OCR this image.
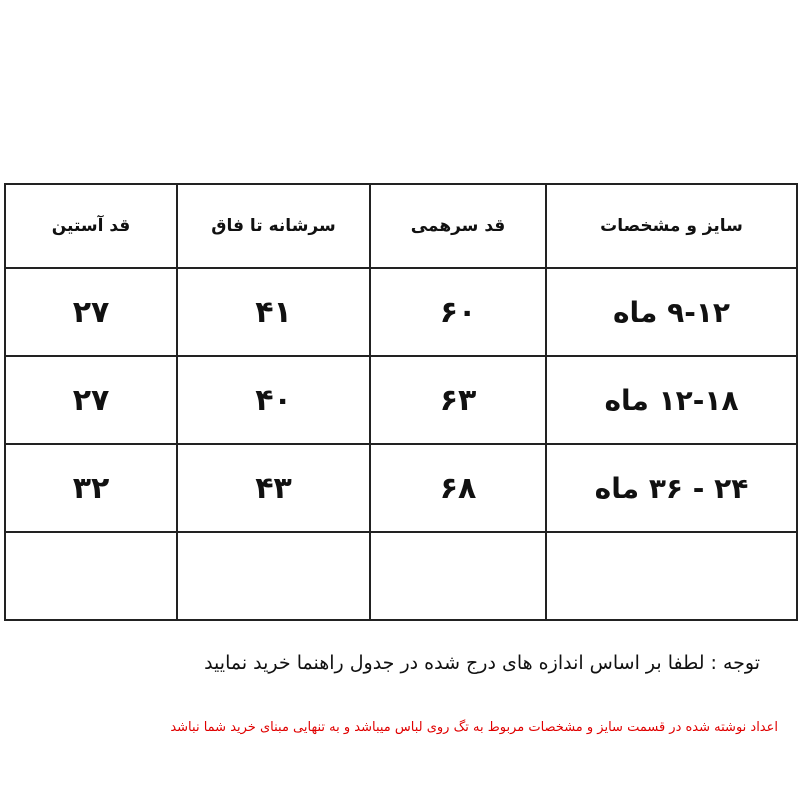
سایز و مشخصات	قد سرهمی	سرشانه تا فاق	قد آستین
۹-۱۲ ماه	۶۰	۴۱	۲۷
۱۲-۱۸ ماه	۶۳	۴۰	۲۷
۲۴ - ۳۶ ماه	۶۸	۴۳	۳۲

توجه : لطفا بر اساس اندازه های درج شده در جدول راهنما خرید نمایید
اعداد نوشته شده در قسمت سایز و مشخصات مربوط به تگ روی لباس میباشد و به تنهایی مبنای خرید شما نباشد
